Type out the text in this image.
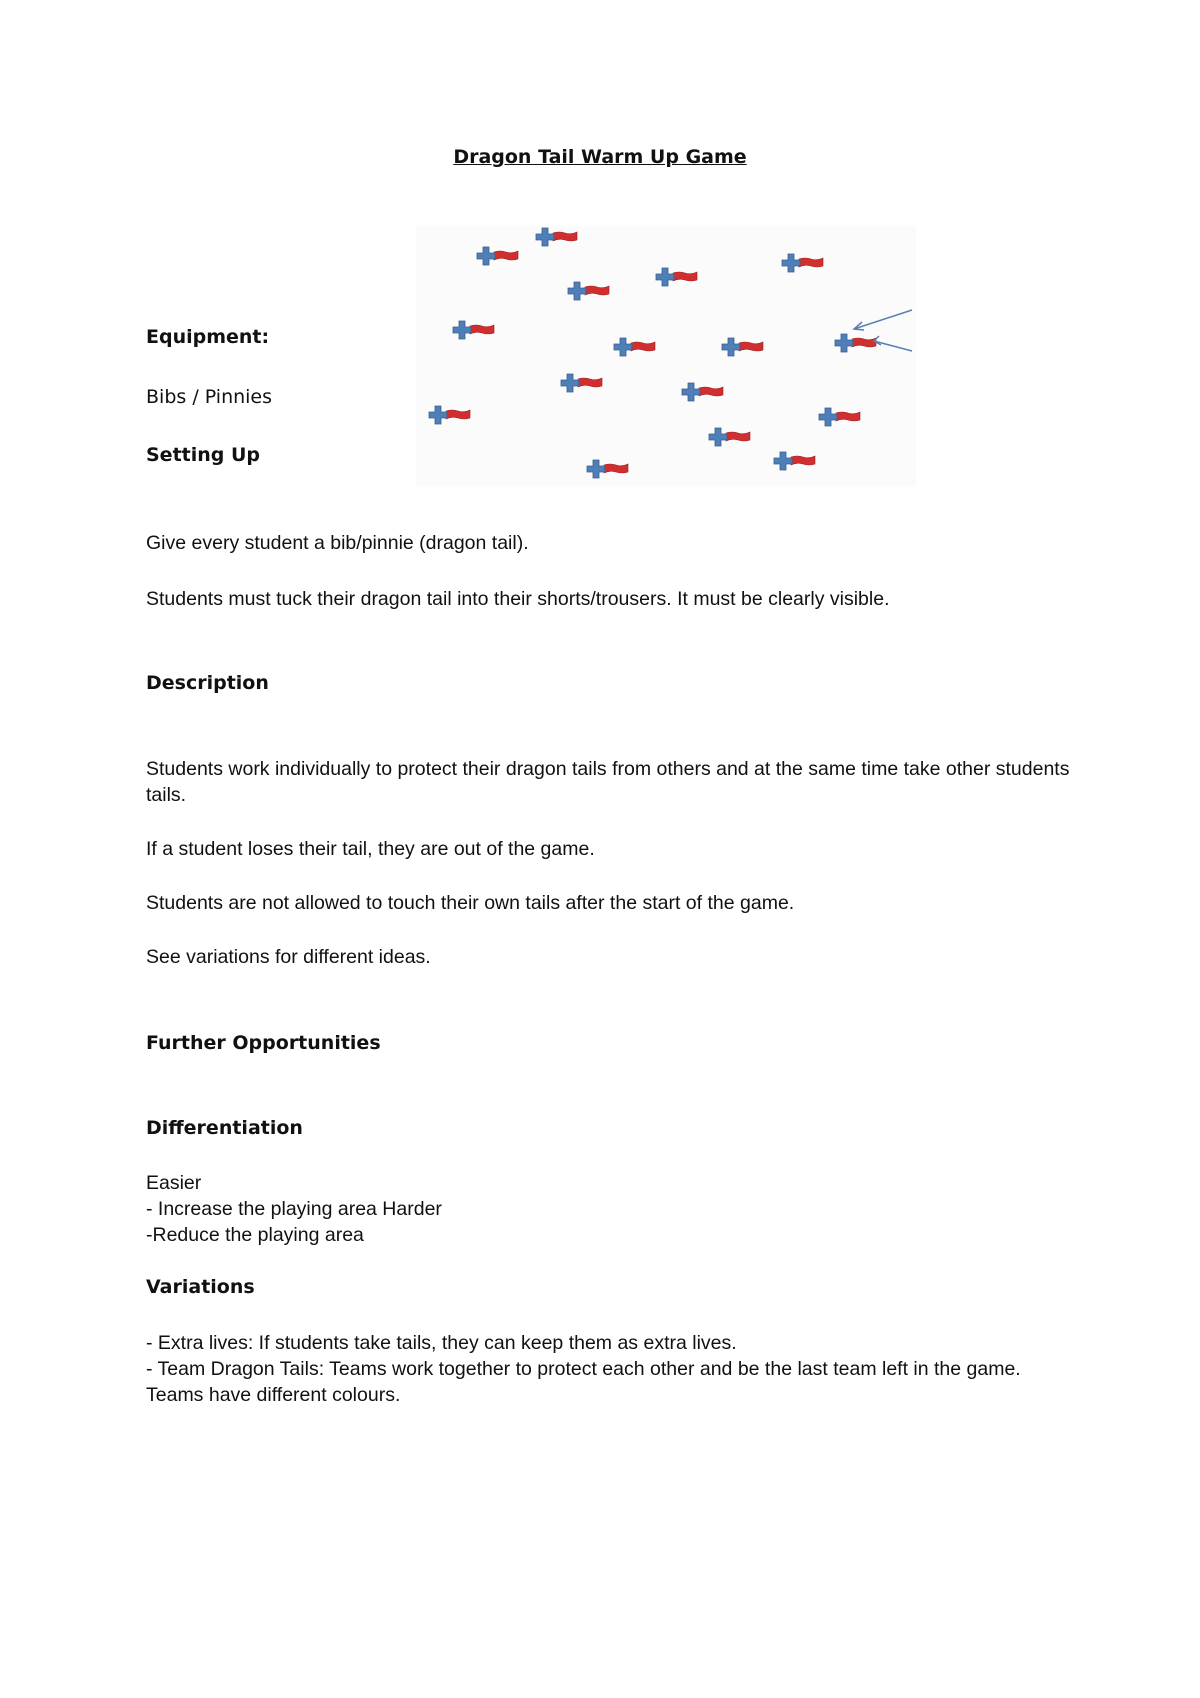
Dragon Tail Warm Up Game
Equipment:
Bibs / Pinnies
Setting Up
Give every student a bib/pinnie (dragon tail).
Students must tuck their dragon tail into their shorts/trousers. It must be clearly visible.
Description
Students work individually to protect their dragon tails from others and at the same time take other students tails.
If a student loses their tail, they are out of the game.
Students are not allowed to touch their own tails after the start of the game.
See variations for different ideas.
Further Opportunities
Differentiation
Easier
- Increase the playing area Harder
-Reduce the playing area
Variations
- Extra lives: If students take tails, they can keep them as extra lives.
- Team Dragon Tails: Teams work together to protect each other and be the last team left in the game. Teams have different colours.
